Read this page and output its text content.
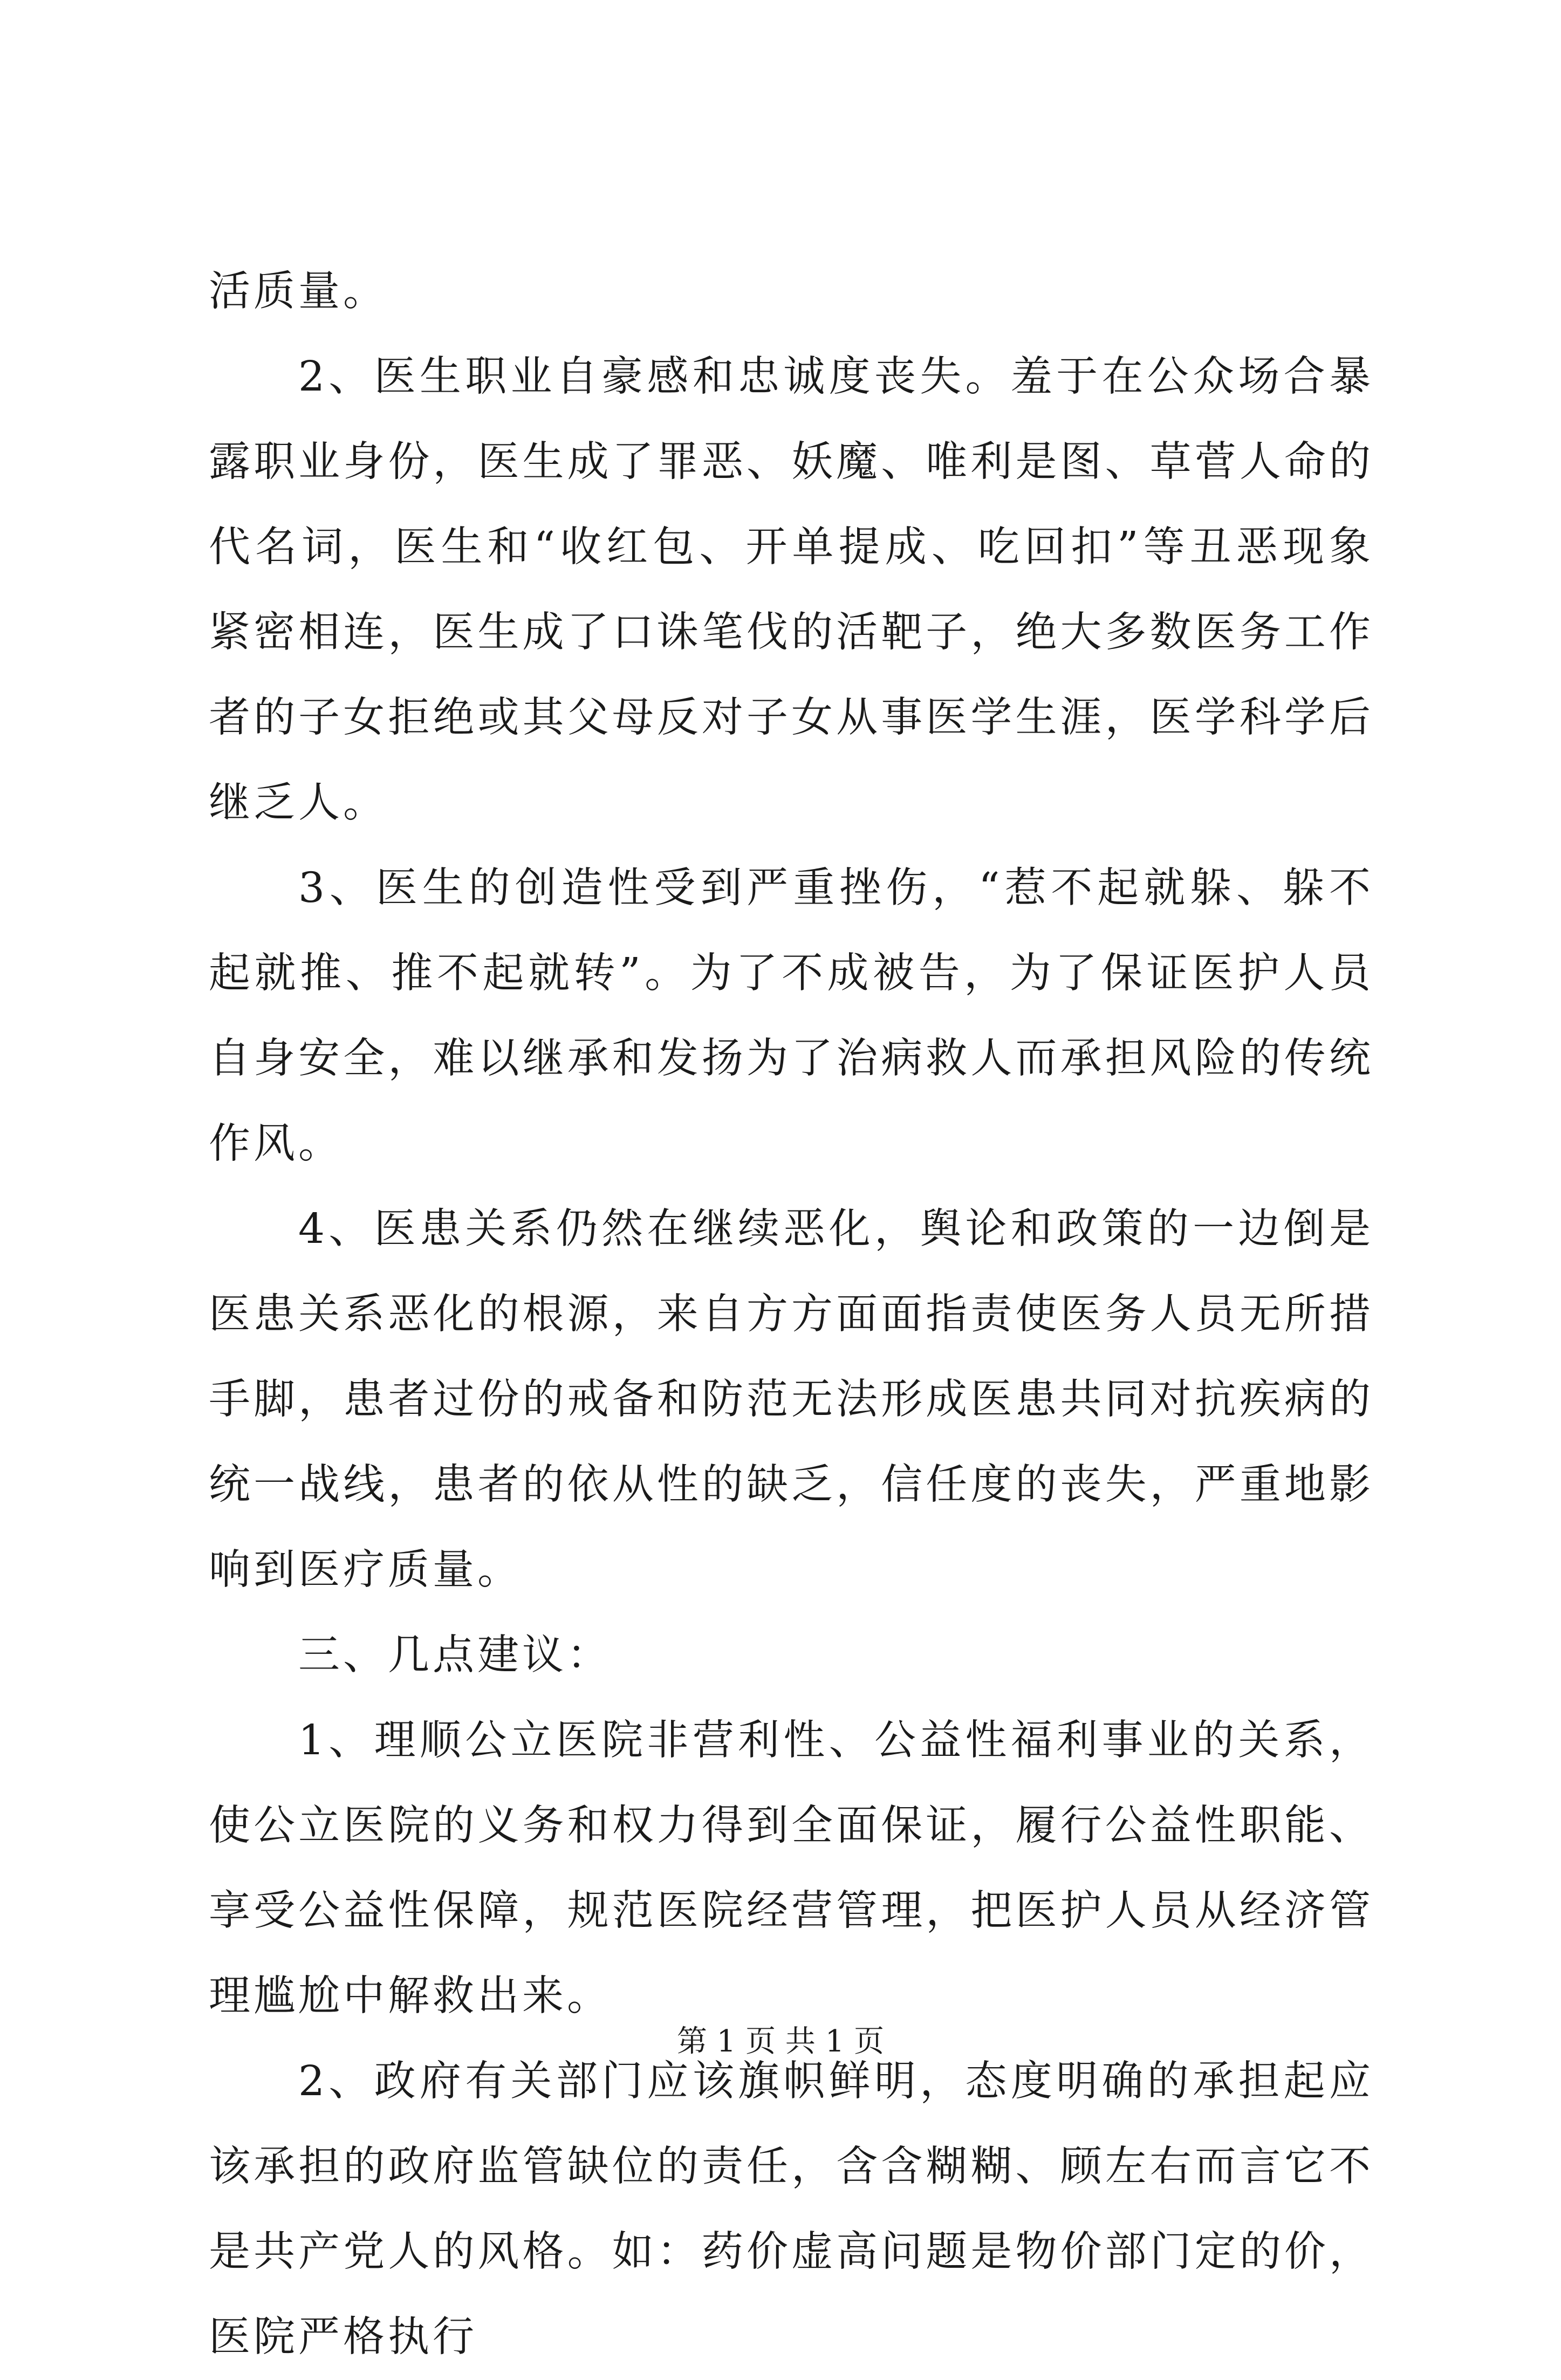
活质量。

2、医生职业自豪感和忠诚度丧失。羞于在公众场合暴露职业身份，医生成了罪恶、妖魔、唯利是图、草菅人命的代名词，医生和“收红包、开单提成、吃回扣”等丑恶现象紧密相连，医生成了口诛笔伐的活靶子，绝大多数医务工作者的子女拒绝或其父母反对子女从事医学生涯，医学科学后继乏人。

3、医生的创造性受到严重挫伤，“惹不起就躲、躲不起就推、推不起就转”。为了不成被告，为了保证医护人员自身安全，难以继承和发扬为了治病救人而承担风险的传统作风。

4、医患关系仍然在继续恶化，舆论和政策的一边倒是医患关系恶化的根源，来自方方面面指责使医务人员无所措手脚，患者过份的戒备和防范无法形成医患共同对抗疾病的统一战线，患者的依从性的缺乏，信任度的丧失，严重地影响到医疗质量。

三、几点建议：

1、理顺公立医院非营利性、公益性福利事业的关系，使公立医院的义务和权力得到全面保证，履行公益性职能、享受公益性保障，规范医院经营管理，把医护人员从经济管理尴尬中解救出来。

2、政府有关部门应该旗帜鲜明，态度明确的承担起应该承担的政府监管缺位的责任，含含糊糊、顾左右而言它不是共产党人的风格。如：药价虚高问题是物价部门定的价，医院严格执行

第 1 页 共 1 页
